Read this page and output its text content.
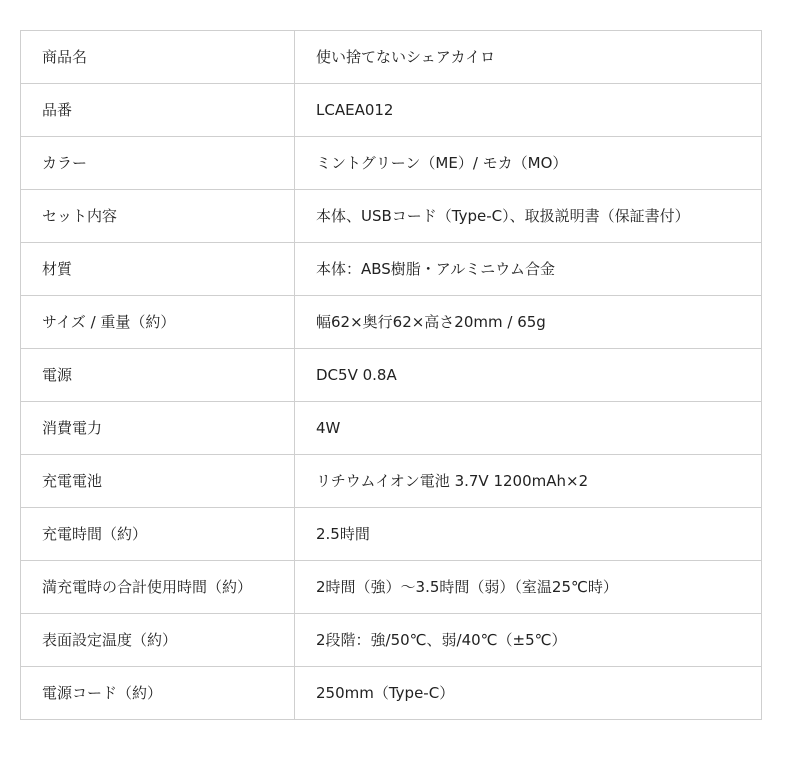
商品名	使い捨てないシェアカイロ
品番	LCAEA012
カラー	ミントグリーン（ME）/ モカ（MO）
セット内容	本体、USBコード（Type-C）、取扱説明書（保証書付）
材質	本体：ABS樹脂・アルミニウム合金
サイズ / 重量（約）	幅62×奥行62×高さ20mm / 65g
電源	DC5V 0.8A
消費電力	4W
充電電池	リチウムイオン電池 3.7V 1200mAh×2
充電時間（約）	2.5時間
満充電時の合計使用時間（約）	2時間（強）〜3.5時間（弱）（室温25℃時）
表面設定温度（約）	2段階：強/50℃、弱/40℃（±5℃）
電源コード（約）	250mm（Type-C）
